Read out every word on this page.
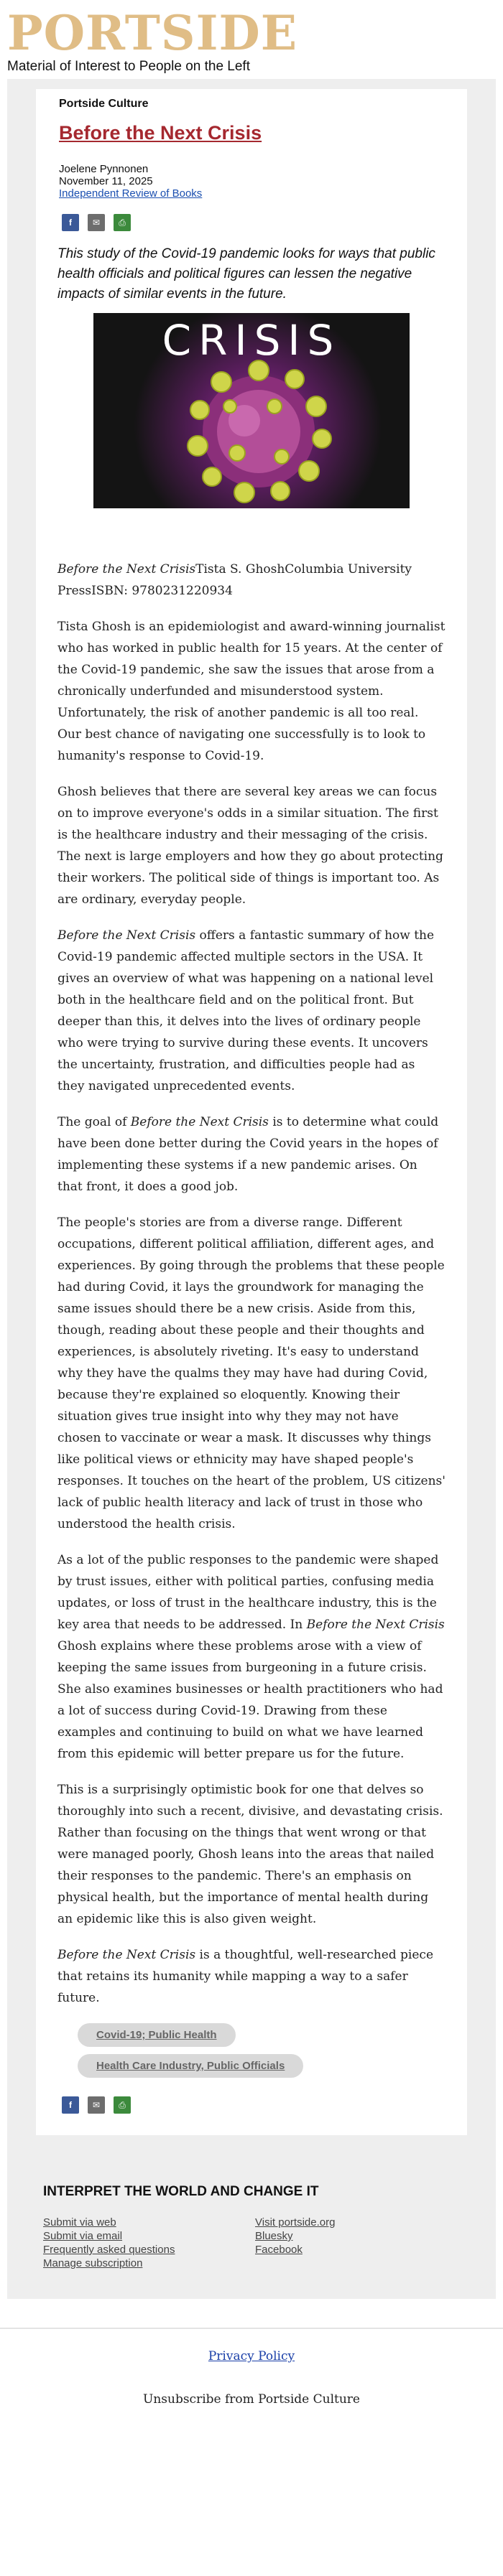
PORTSIDE
Material of Interest to People on the Left
Portside Culture
Before the Next Crisis
Joelene Pynnonen
November 11, 2025
Independent Review of Books
f ✉ ⎙
This study of the Covid-19 pandemic looks for ways that public health officials and political figures can lessen the negative impacts of similar events in the future.
CRISIS

Before the Next CrisisTista S. GhoshColumbia University PressISBN: 9780231220934

Tista Ghosh is an epidemiologist and award-winning journalist who has worked in public health for 15 years. At the center of the Covid-19 pandemic, she saw the issues that arose from a chronically underfunded and misunderstood system. Unfortunately, the risk of another pandemic is all too real. Our best chance of navigating one successfully is to look to humanity's response to Covid-19.

Ghosh believes that there are several key areas we can focus on to improve everyone's odds in a similar situation. The first is the healthcare industry and their messaging of the crisis. The next is large employers and how they go about protecting their workers. The political side of things is important too. As are ordinary, everyday people.

Before the Next Crisis offers a fantastic summary of how the Covid-19 pandemic affected multiple sectors in the USA. It gives an overview of what was happening on a national level both in the healthcare field and on the political front. But deeper than this, it delves into the lives of ordinary people who were trying to survive during these events. It uncovers the uncertainty, frustration, and difficulties people had as they navigated unprecedented events.

The goal of Before the Next Crisis is to determine what could have been done better during the Covid years in the hopes of implementing these systems if a new pandemic arises. On that front, it does a good job.

The people's stories are from a diverse range. Different occupations, different political affiliation, different ages, and experiences. By going through the problems that these people had during Covid, it lays the groundwork for managing the same issues should there be a new crisis. Aside from this, though, reading about these people and their thoughts and experiences, is absolutely riveting. It's easy to understand why they have the qualms they may have had during Covid, because they're explained so eloquently. Knowing their situation gives true insight into why they may not have chosen to vaccinate or wear a mask. It discusses why things like political views or ethnicity may have shaped people's responses. It touches on the heart of the problem, US citizens' lack of public health literacy and lack of trust in those who understood the health crisis.

As a lot of the public responses to the pandemic were shaped by trust issues, either with political parties, confusing media updates, or loss of trust in the healthcare industry, this is the key area that needs to be addressed. In Before the Next Crisis Ghosh explains where these problems arose with a view of keeping the same issues from burgeoning in a future crisis. She also examines businesses or health practitioners who had a lot of success during Covid-19. Drawing from these examples and continuing to build on what we have learned from this epidemic will better prepare us for the future.

This is a surprisingly optimistic book for one that delves so thoroughly into such a recent, divisive, and devastating crisis. Rather than focusing on the things that went wrong or that were managed poorly, Ghosh leans into the areas that nailed their responses to the pandemic. There's an emphasis on physical health, but the importance of mental health during an epidemic like this is also given weight.

Before the Next Crisis is a thoughtful, well-researched piece that retains its humanity while mapping a way to a safer future.

Covid-19; Public Health
Health Care Industry, Public Officials
f ✉ ⎙
INTERPRET THE WORLD AND CHANGE IT
Submit via web
Submit via email
Frequently asked questions
Manage subscription
Visit portside.org
Bluesky
Facebook
Privacy Policy
Unsubscribe from Portside Culture
